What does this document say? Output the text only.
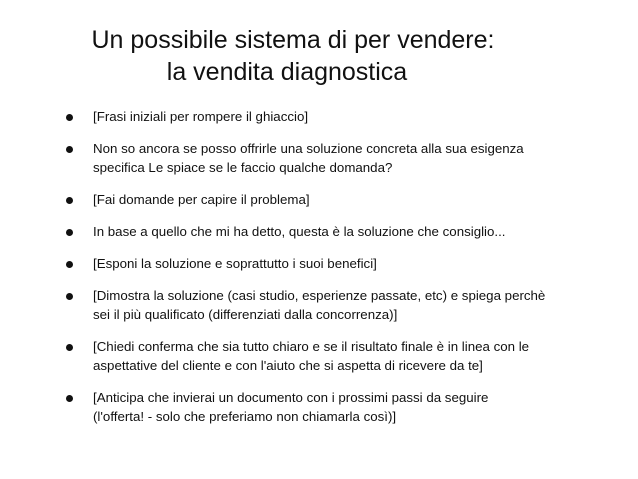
Un possibile sistema di per vendere:
la vendita diagnostica
[Frasi iniziali per rompere il ghiaccio]
Non so ancora se posso offrirle una soluzione concreta alla sua esigenza
specifica Le spiace se le faccio qualche domanda?
[Fai domande per capire il problema]
In base a quello che mi ha detto, questa è la soluzione che consiglio...
[Esponi la soluzione e soprattutto i suoi benefici]
[Dimostra la soluzione (casi studio, esperienze passate, etc) e spiega perchè
sei il più qualificato (differenziati dalla concorrenza)]
[Chiedi conferma che sia tutto chiaro e se il risultato finale è in linea con le
aspettative del cliente e con l'aiuto che si aspetta di ricevere da te]
[Anticipa che invierai un documento con i prossimi passi da seguire
(l'offerta! - solo che preferiamo non chiamarla così)]
